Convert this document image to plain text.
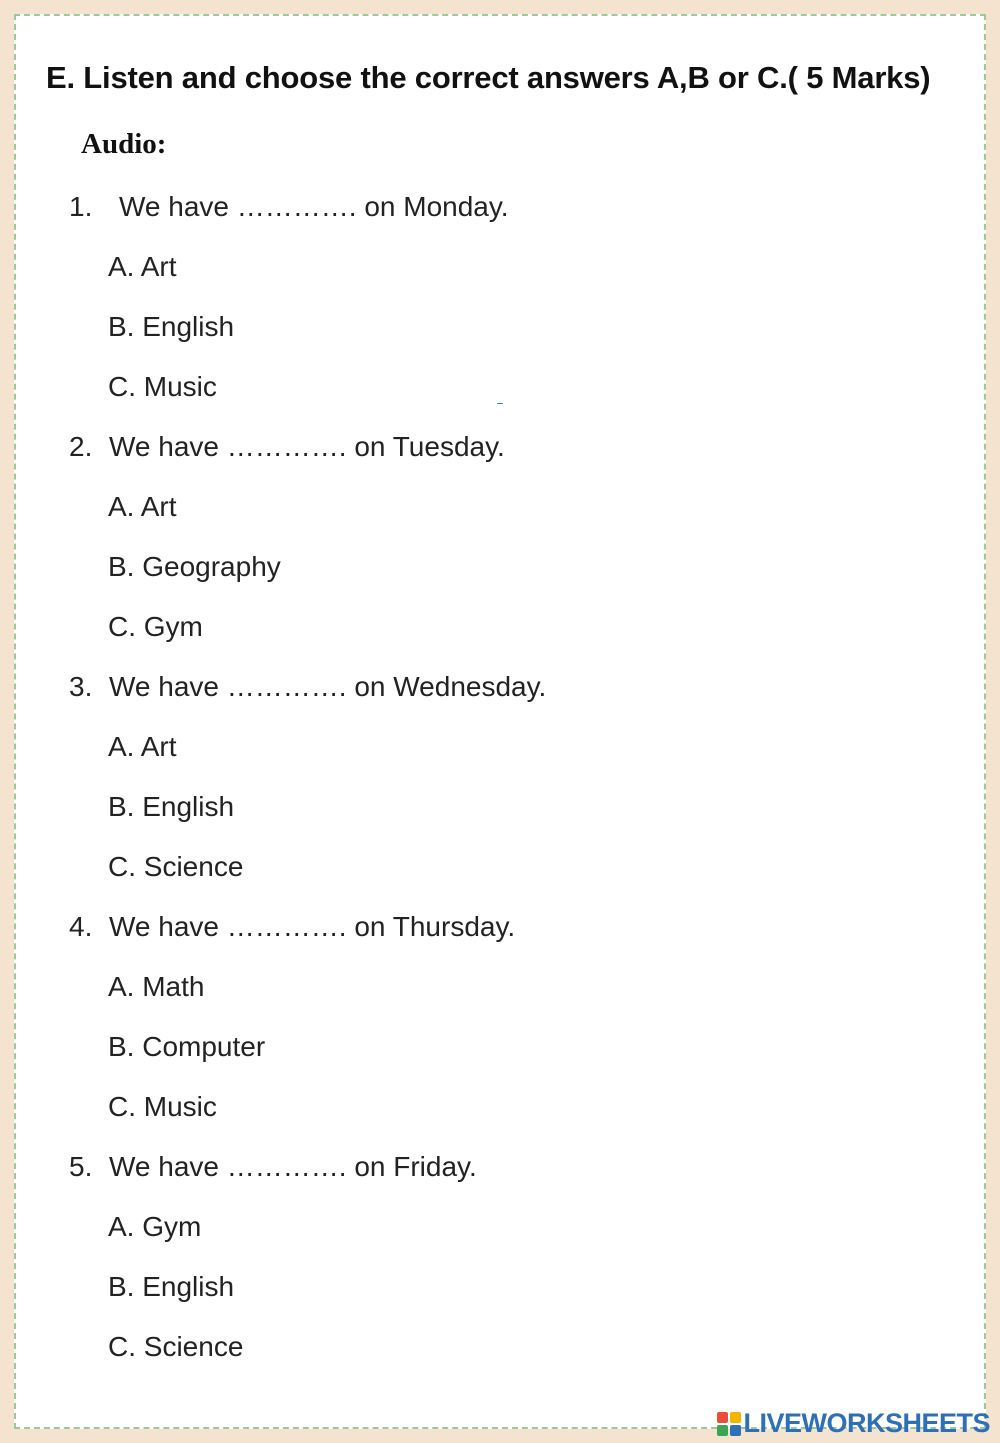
E. Listen and choose the correct answers A,B or C.( 5 Marks)
Audio:
1. We have …………. on Monday.
A. Art
B. English
C. Music
2. We have …………. on Tuesday.
A. Art
B. Geography
C. Gym
3. We have …………. on Wednesday.
A. Art
B. English
C. Science
4. We have …………. on Thursday.
A. Math
B. Computer
C. Music
5. We have …………. on Friday.
A. Gym
B. English
C. Science
LIVEWORKSHEETS
